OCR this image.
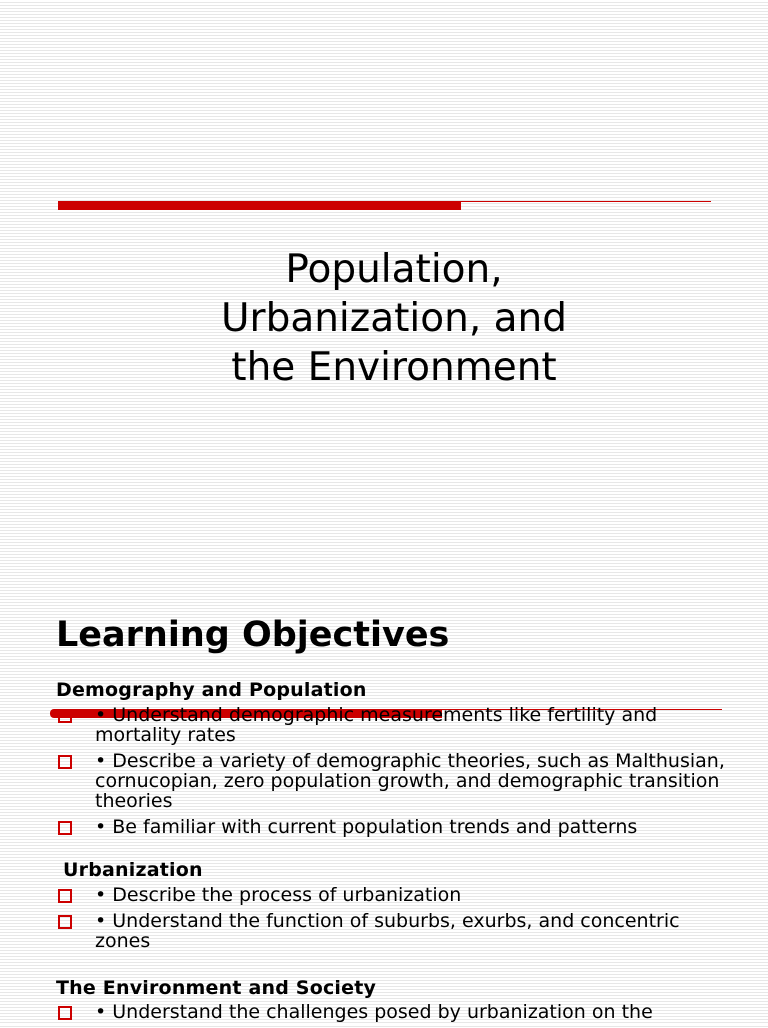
Population,

Urbanization, and

the Environment

Learning Objectives
Demography and Population
• Understand demographic measurements like fertility and mortality rates
• Describe a variety of demographic theories, such as Malthusian, cornucopian, zero population growth, and demographic transition theories
• Be familiar with current population trends and patterns
Urbanization
• Describe the process of urbanization
• Understand the function of suburbs, exurbs, and concentric zones
The Environment and Society
• Understand the challenges posed by urbanization on the
